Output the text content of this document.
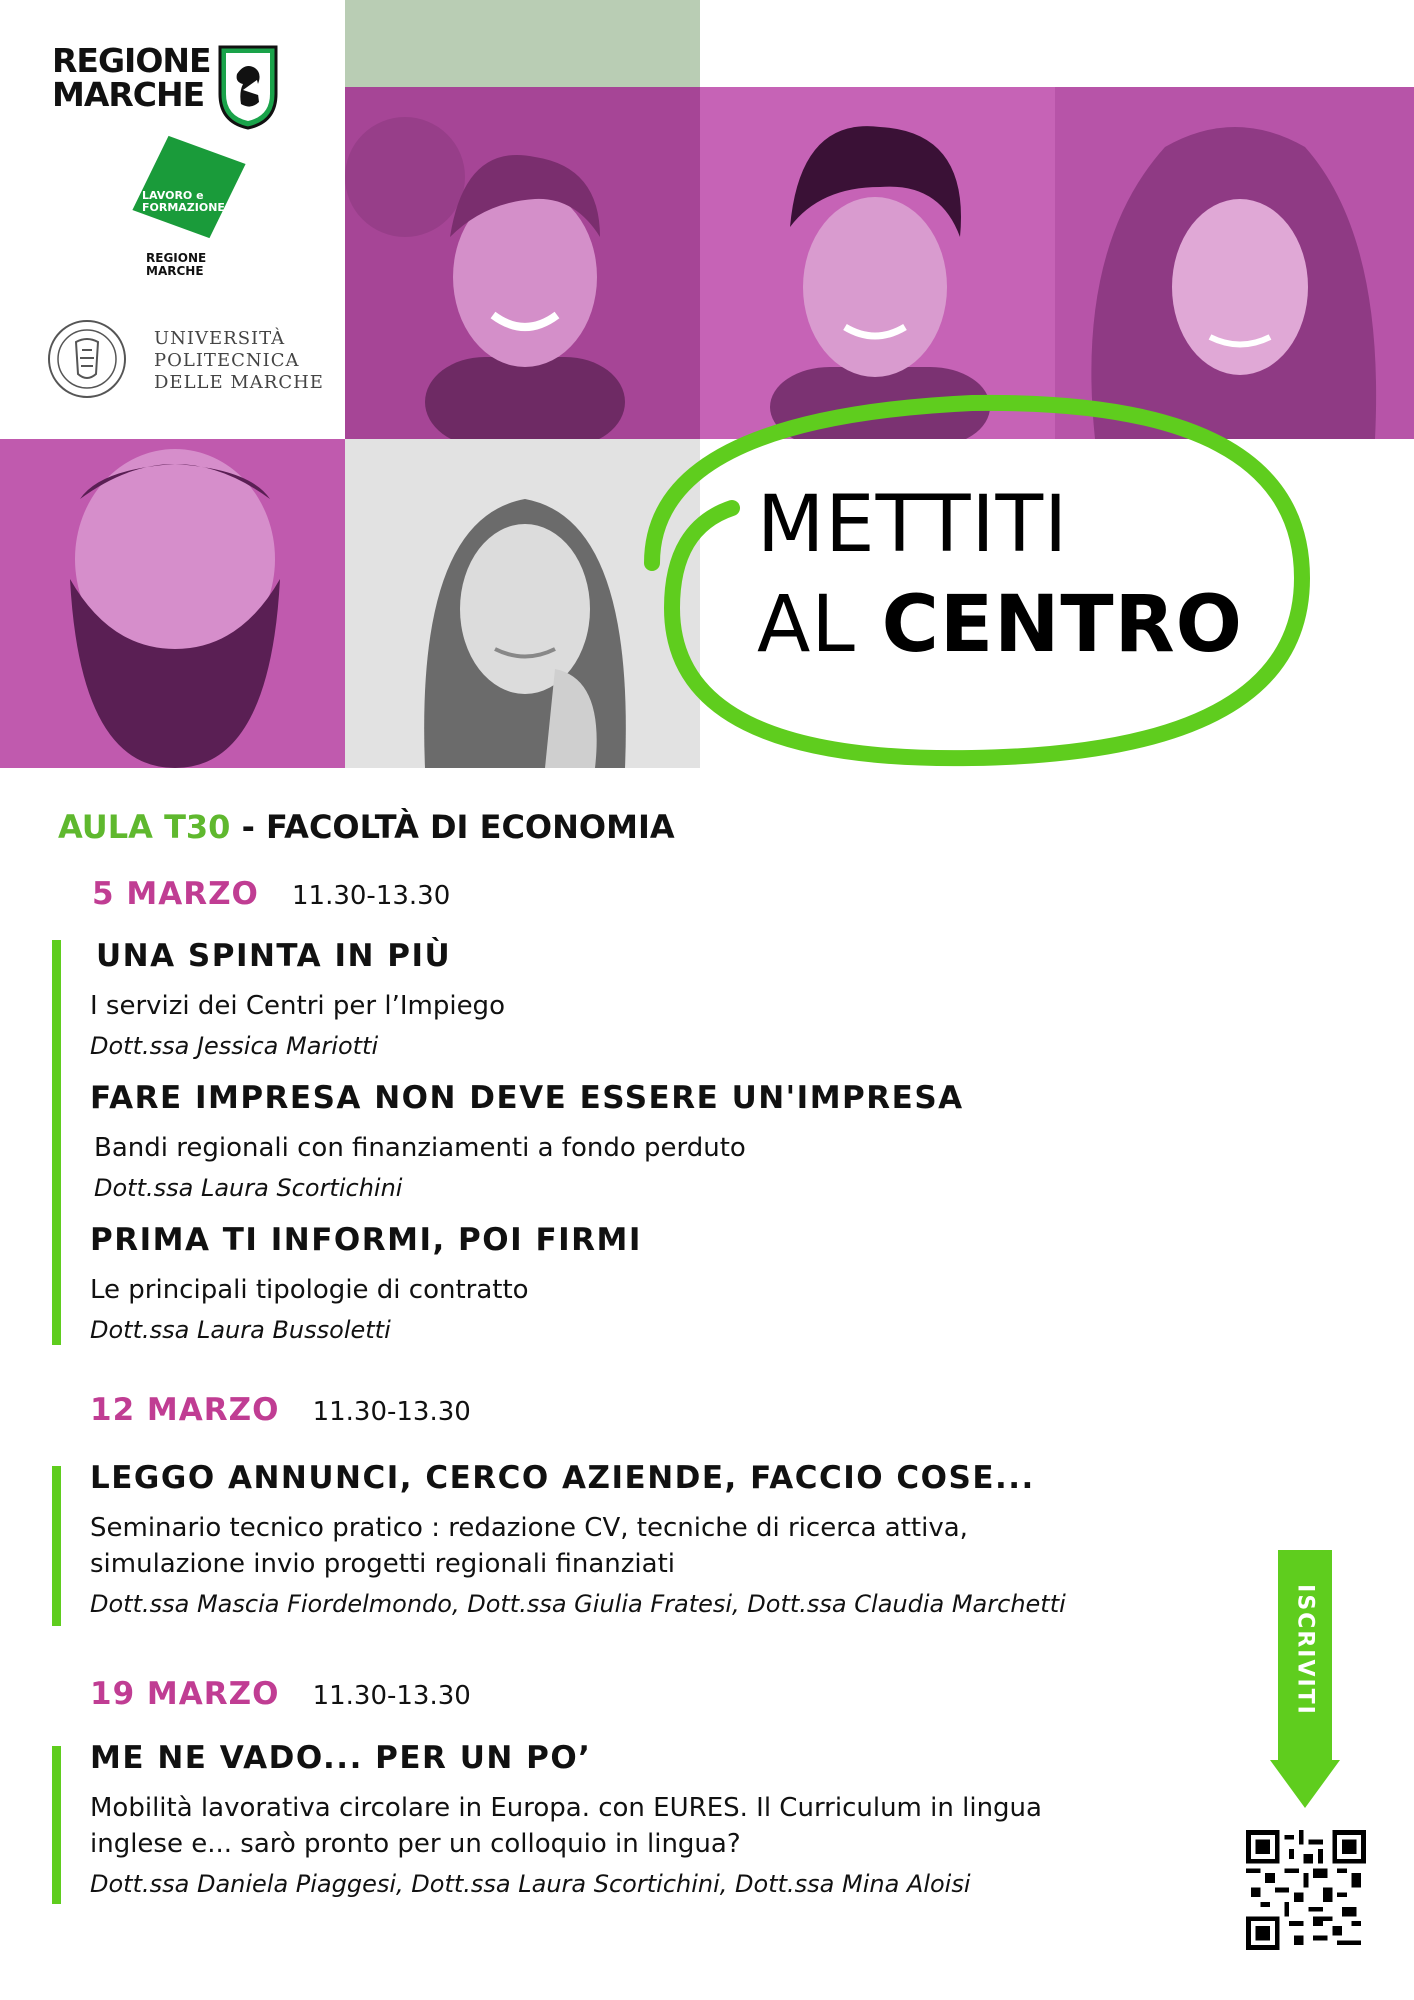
REGIONE
MARCHE
LAVORO e
FORMAZIONE
REGIONE
MARCHE
UNIVERSITÀ
POLITECNICA
DELLE MARCHE
METTITI
AL CENTRO
AULA T30 - FACOLTÀ DI ECONOMIA
5 MARZO 11.30-13.30
UNA SPINTA IN PIÙ
I servizi dei Centri per l’Impiego
Dott.ssa Jessica Mariotti
FARE IMPRESA NON DEVE ESSERE UN'IMPRESA
Bandi regionali con finanziamenti a fondo perduto
Dott.ssa Laura Scortichini
PRIMA TI INFORMI, POI FIRMI
Le principali tipologie di contratto
Dott.ssa Laura Bussoletti
12 MARZO 11.30-13.30
LEGGO ANNUNCI, CERCO AZIENDE, FACCIO COSE...
Seminario tecnico pratico : redazione CV, tecniche di ricerca attiva,
simulazione invio progetti regionali finanziati
Dott.ssa Mascia Fiordelmondo, Dott.ssa Giulia Fratesi, Dott.ssa Claudia Marchetti
19 MARZO 11.30-13.30
ME NE VADO... PER UN PO’
Mobilità lavorativa circolare in Europa. con EURES. Il Curriculum in lingua
inglese e... sarò pronto per un colloquio in lingua?
Dott.ssa Daniela Piaggesi, Dott.ssa Laura Scortichini, Dott.ssa Mina Aloisi
ISCRIVITI
